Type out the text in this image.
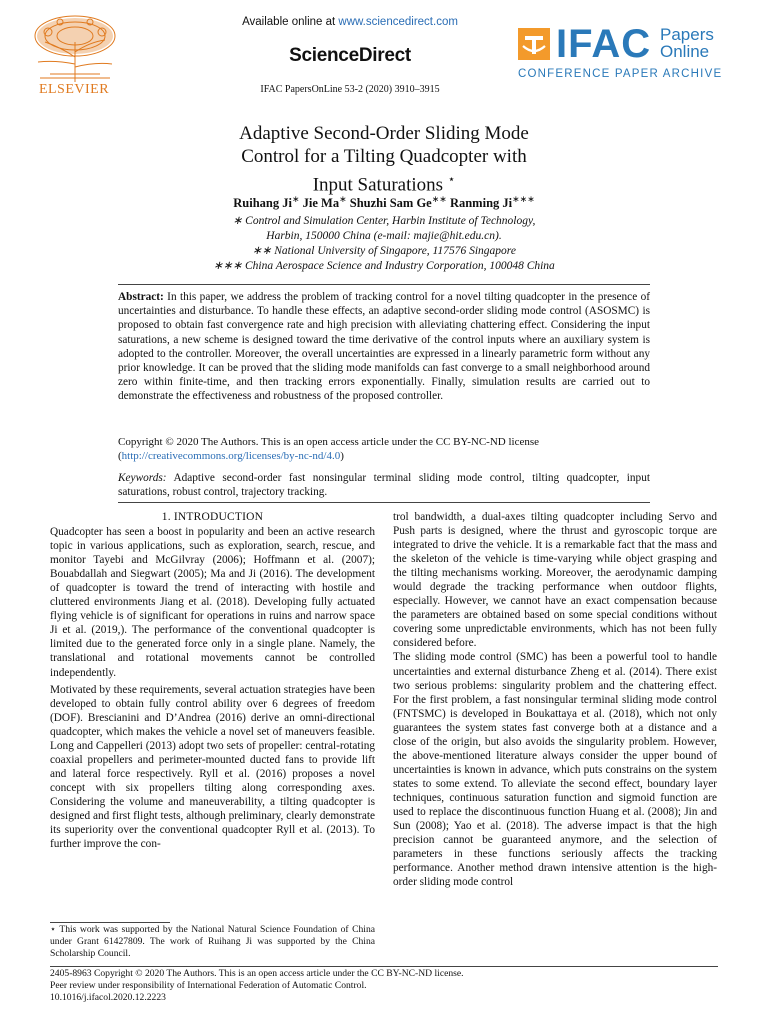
ELSEVIER
Available online at www.sciencedirect.com
ScienceDirect
IFAC PapersOnLine 53-2 (2020) 3910–3915
IFAC Papers
Online
CONFERENCE PAPER ARCHIVE
Adaptive Second-Order Sliding Mode
Control for a Tilting Quadcopter with
Input Saturations ⋆
Ruihang Ji∗ Jie Ma∗ Shuzhi Sam Ge∗∗ Ranming Ji∗∗∗
∗ Control and Simulation Center, Harbin Institute of Technology,
Harbin, 150000 China (e-mail: majie@hit.edu.cn).
∗∗ National University of Singapore, 117576 Singapore
∗∗∗ China Aerospace Science and Industry Corporation, 100048 China
Abstract: In this paper, we address the problem of tracking control for a novel tilting quadcopter in the presence of uncertainties and disturbance. To handle these effects, an adaptive second-order sliding mode control (ASOSMC) is proposed to obtain fast convergence rate and high precision with alleviating chattering effect. Considering the input saturations, a new scheme is designed toward the time derivative of the control inputs where an auxiliary system is adopted to the controller. Moreover, the overall uncertainties are expressed in a linearly parametric form without any prior knowledge. It can be proved that the sliding mode manifolds can fast converge to a small neighborhood around zero within finite-time, and then tracking errors exponentially. Finally, simulation results are carried out to demonstrate the effectiveness and robustness of the proposed controller.
Copyright © 2020 The Authors. This is an open access article under the CC BY-NC-ND license
(http://creativecommons.org/licenses/by-nc-nd/4.0)
Keywords: Adaptive second-order fast nonsingular terminal sliding mode control, tilting quadcopter, input saturations, robust control, trajectory tracking.
1. INTRODUCTION

Quadcopter has seen a boost in popularity and been an active research topic in various applications, such as exploration, search, rescue, and monitor Tayebi and McGilvray (2006); Hoffmann et al. (2007); Bouabdallah and Siegwart (2005); Ma and Ji (2016). The development of quadcopter is toward the trend of interacting with hostile and cluttered environments Jiang et al. (2018). Developing fully actuated flying vehicle is of significant for operations in ruins and narrow space Ji et al. (2019,). The performance of the conventional quadcopter is limited due to the generated force only in a single plane. Namely, the translational and rotational movements cannot be controlled independently.

Motivated by these requirements, several actuation strategies have been developed to obtain fully control ability over 6 degrees of freedom (DOF). Brescianini and D’Andrea (2016) derive an omni-directional quadcopter, which makes the vehicle a novel set of maneuvers feasible. Long and Cappelleri (2013) adopt two sets of propeller: central-rotating coaxial propellers and perimeter-mounted ducted fans to provide lift and lateral force respectively. Ryll et al. (2016) proposes a novel concept with six propellers tilting along corresponding axes. Considering the volume and maneuverability, a tilting quadcopter is designed and first flight tests, although preliminary, clearly demonstrate its superiority over the conventional quadcopter Ryll et al. (2013). To further improve the con-

⋆ This work was supported by the National Natural Science Foundation of China under Grant 61427809. The work of Ruihang Ji was supported by the China Scholarship Council.

trol bandwidth, a dual-axes tilting quadcopter including Servo and Push parts is designed, where the thrust and gyroscopic torque are integrated to drive the vehicle. It is a remarkable fact that the mass and the skeleton of the vehicle is time-varying while object grasping and the tilting mechanisms working. Moreover, the aerodynamic damping would degrade the tracking performance when outdoor flights, especially. However, we cannot have an exact compensation because the parameters are obtained based on some special conditions without covering some unpredictable environments, which has not been fully considered before.

The sliding mode control (SMC) has been a powerful tool to handle uncertainties and external disturbance Zheng et al. (2014). There exist two serious problems: singularity problem and the chattering effect. For the first problem, a fast nonsingular terminal sliding mode control (FNTSMC) is developed in Boukattaya et al. (2018), which not only guarantees the system states fast converge both at a distance and a close of the origin, but also avoids the singularity problem. However, the above-mentioned literature always consider the upper bound of uncertainties is known in advance, which puts constrains on the system states to some extend. To alleviate the second effect, boundary layer techniques, continuous saturation function and sigmoid function are used to replace the discontinuous function Huang et al. (2008); Jin and Sun (2008); Yao et al. (2018). The adverse impact is that the high precision cannot be guaranteed anymore, and the selection of parameters in these functions seriously affects the tracking performance. Another method drawn intensive attention is the high-order sliding mode control

2405-8963 Copyright © 2020 The Authors. This is an open access article under the CC BY-NC-ND license.
Peer review under responsibility of International Federation of Automatic Control.
10.1016/j.ifacol.2020.12.2223
